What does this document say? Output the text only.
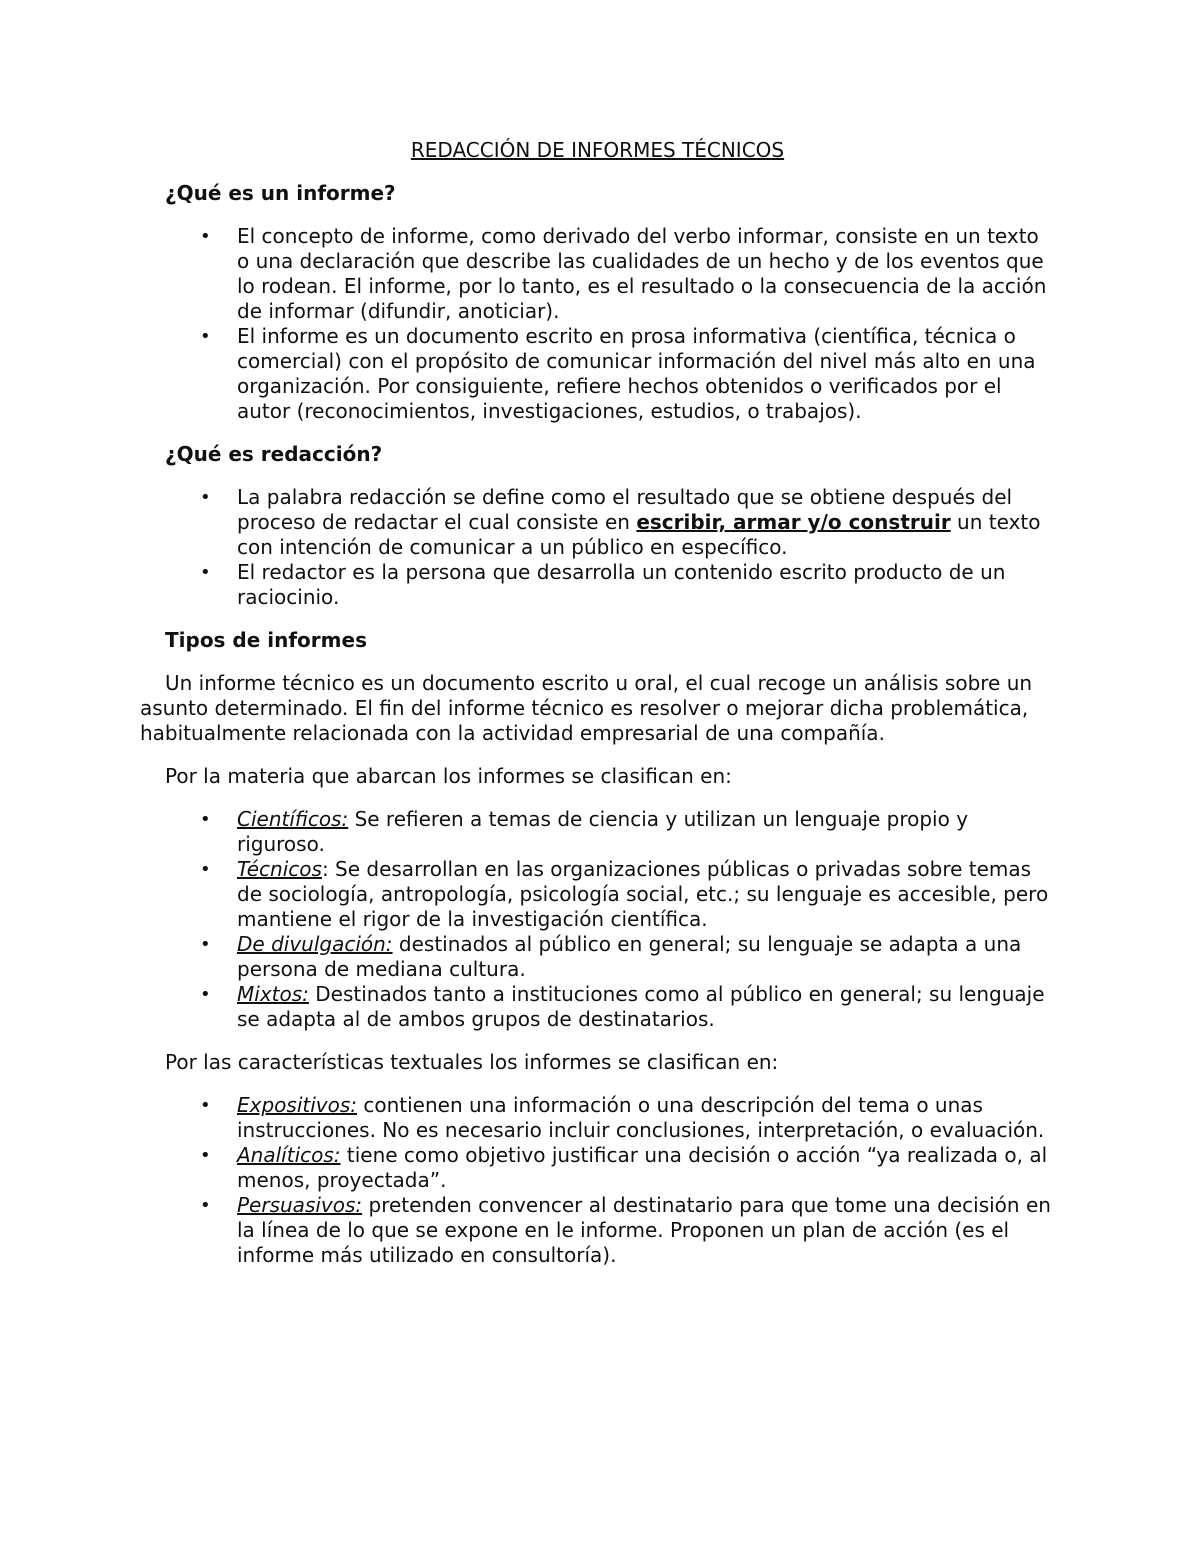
REDACCIÓN DE INFORMES TÉCNICOS
¿Qué es un informe?
• El concepto de informe, como derivado del verbo informar, consiste en un texto o una declaración que describe las cualidades de un hecho y de los eventos que lo rodean. El informe, por lo tanto, es el resultado o la consecuencia de la acción de informar (difundir, anoticiar).
• El informe es un documento escrito en prosa informativa (científica, técnica o comercial) con el propósito de comunicar información del nivel más alto en una organización. Por consiguiente, refiere hechos obtenidos o verificados por el autor (reconocimientos, investigaciones, estudios, o trabajos).
¿Qué es redacción?
• La palabra redacción se define como el resultado que se obtiene después del proceso de redactar el cual consiste en escribir, armar y/o construir un texto con intención de comunicar a un público en específico.
• El redactor es la persona que desarrolla un contenido escrito producto de un raciocinio.
Tipos de informes
Un informe técnico es un documento escrito u oral, el cual recoge un análisis sobre un asunto determinado. El fin del informe técnico es resolver o mejorar dicha problemática, habitualmente relacionada con la actividad empresarial de una compañía.
Por la materia que abarcan los informes se clasifican en:
• Científicos: Se refieren a temas de ciencia y utilizan un lenguaje propio y riguroso.
• Técnicos: Se desarrollan en las organizaciones públicas o privadas sobre temas de sociología, antropología, psicología social, etc.; su lenguaje es accesible, pero mantiene el rigor de la investigación científica.
• De divulgación: destinados al público en general; su lenguaje se adapta a una persona de mediana cultura.
• Mixtos: Destinados tanto a instituciones como al público en general; su lenguaje se adapta al de ambos grupos de destinatarios.
Por las características textuales los informes se clasifican en:
• Expositivos: contienen una información o una descripción del tema o unas instrucciones. No es necesario incluir conclusiones, interpretación, o evaluación.
• Analíticos: tiene como objetivo justificar una decisión o acción “ya realizada o, al menos, proyectada”.
• Persuasivos: pretenden convencer al destinatario para que tome una decisión en la línea de lo que se expone en le informe. Proponen un plan de acción (es el informe más utilizado en consultoría).
